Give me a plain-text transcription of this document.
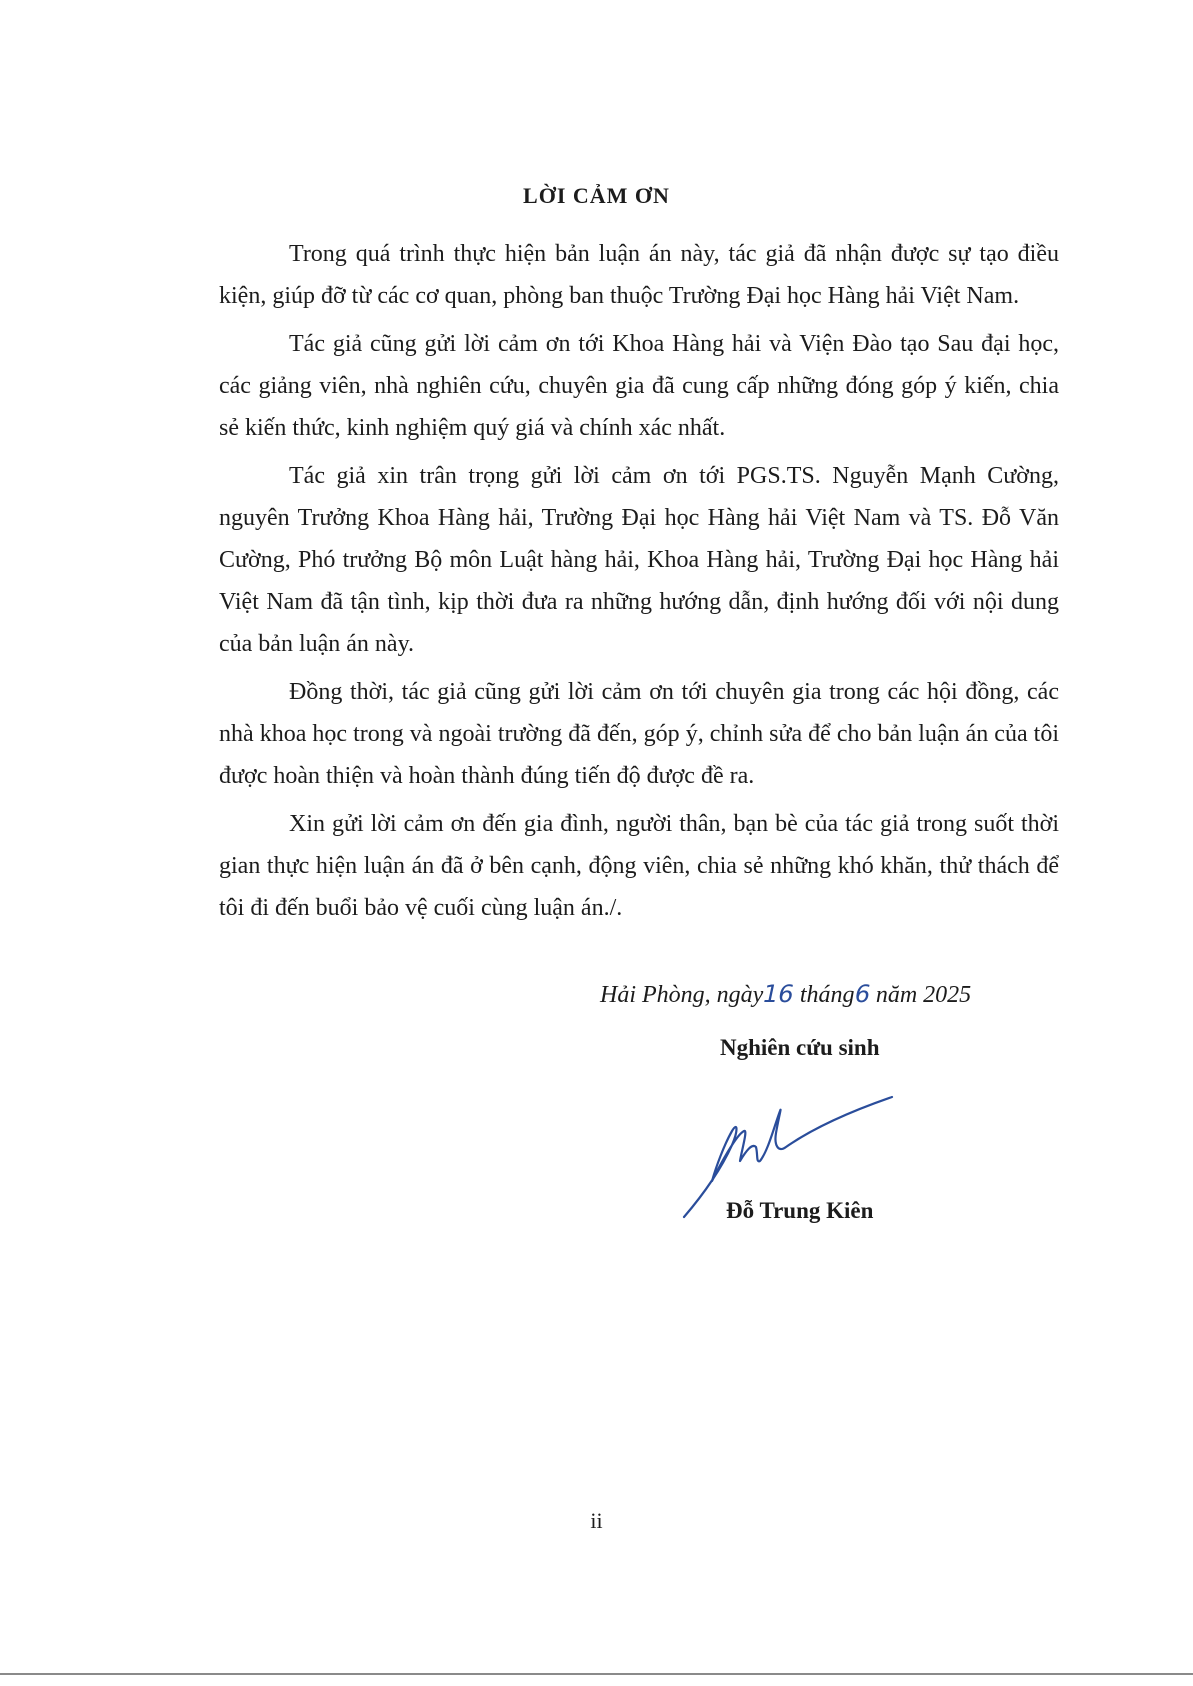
LỜI CẢM ƠN

Trong quá trình thực hiện bản luận án này, tác giả đã nhận được sự tạo điều kiện, giúp đỡ từ các cơ quan, phòng ban thuộc Trường Đại học Hàng hải Việt Nam.

Tác giả cũng gửi lời cảm ơn tới Khoa Hàng hải và Viện Đào tạo Sau đại học, các giảng viên, nhà nghiên cứu, chuyên gia đã cung cấp những đóng góp ý kiến, chia sẻ kiến thức, kinh nghiệm quý giá và chính xác nhất.

Tác giả xin trân trọng gửi lời cảm ơn tới PGS.TS. Nguyễn Mạnh Cường, nguyên Trưởng Khoa Hàng hải, Trường Đại học Hàng hải Việt Nam và TS. Đỗ Văn Cường, Phó trưởng Bộ môn Luật hàng hải, Khoa Hàng hải, Trường Đại học Hàng hải Việt Nam đã tận tình, kịp thời đưa ra những hướng dẫn, định hướng đối với nội dung của bản luận án này.

Đồng thời, tác giả cũng gửi lời cảm ơn tới chuyên gia trong các hội đồng, các nhà khoa học trong và ngoài trường đã đến, góp ý, chỉnh sửa để cho bản luận án của tôi được hoàn thiện và hoàn thành đúng tiến độ được đề ra.

Xin gửi lời cảm ơn đến gia đình, người thân, bạn bè của tác giả trong suốt thời gian thực hiện luận án đã ở bên cạnh, động viên, chia sẻ những khó khăn, thử thách để tôi đi đến buổi bảo vệ cuối cùng luận án./.

Hải Phòng, ngày16 tháng6 năm 2025
Nghiên cứu sinh
Đỗ Trung Kiên
ii
